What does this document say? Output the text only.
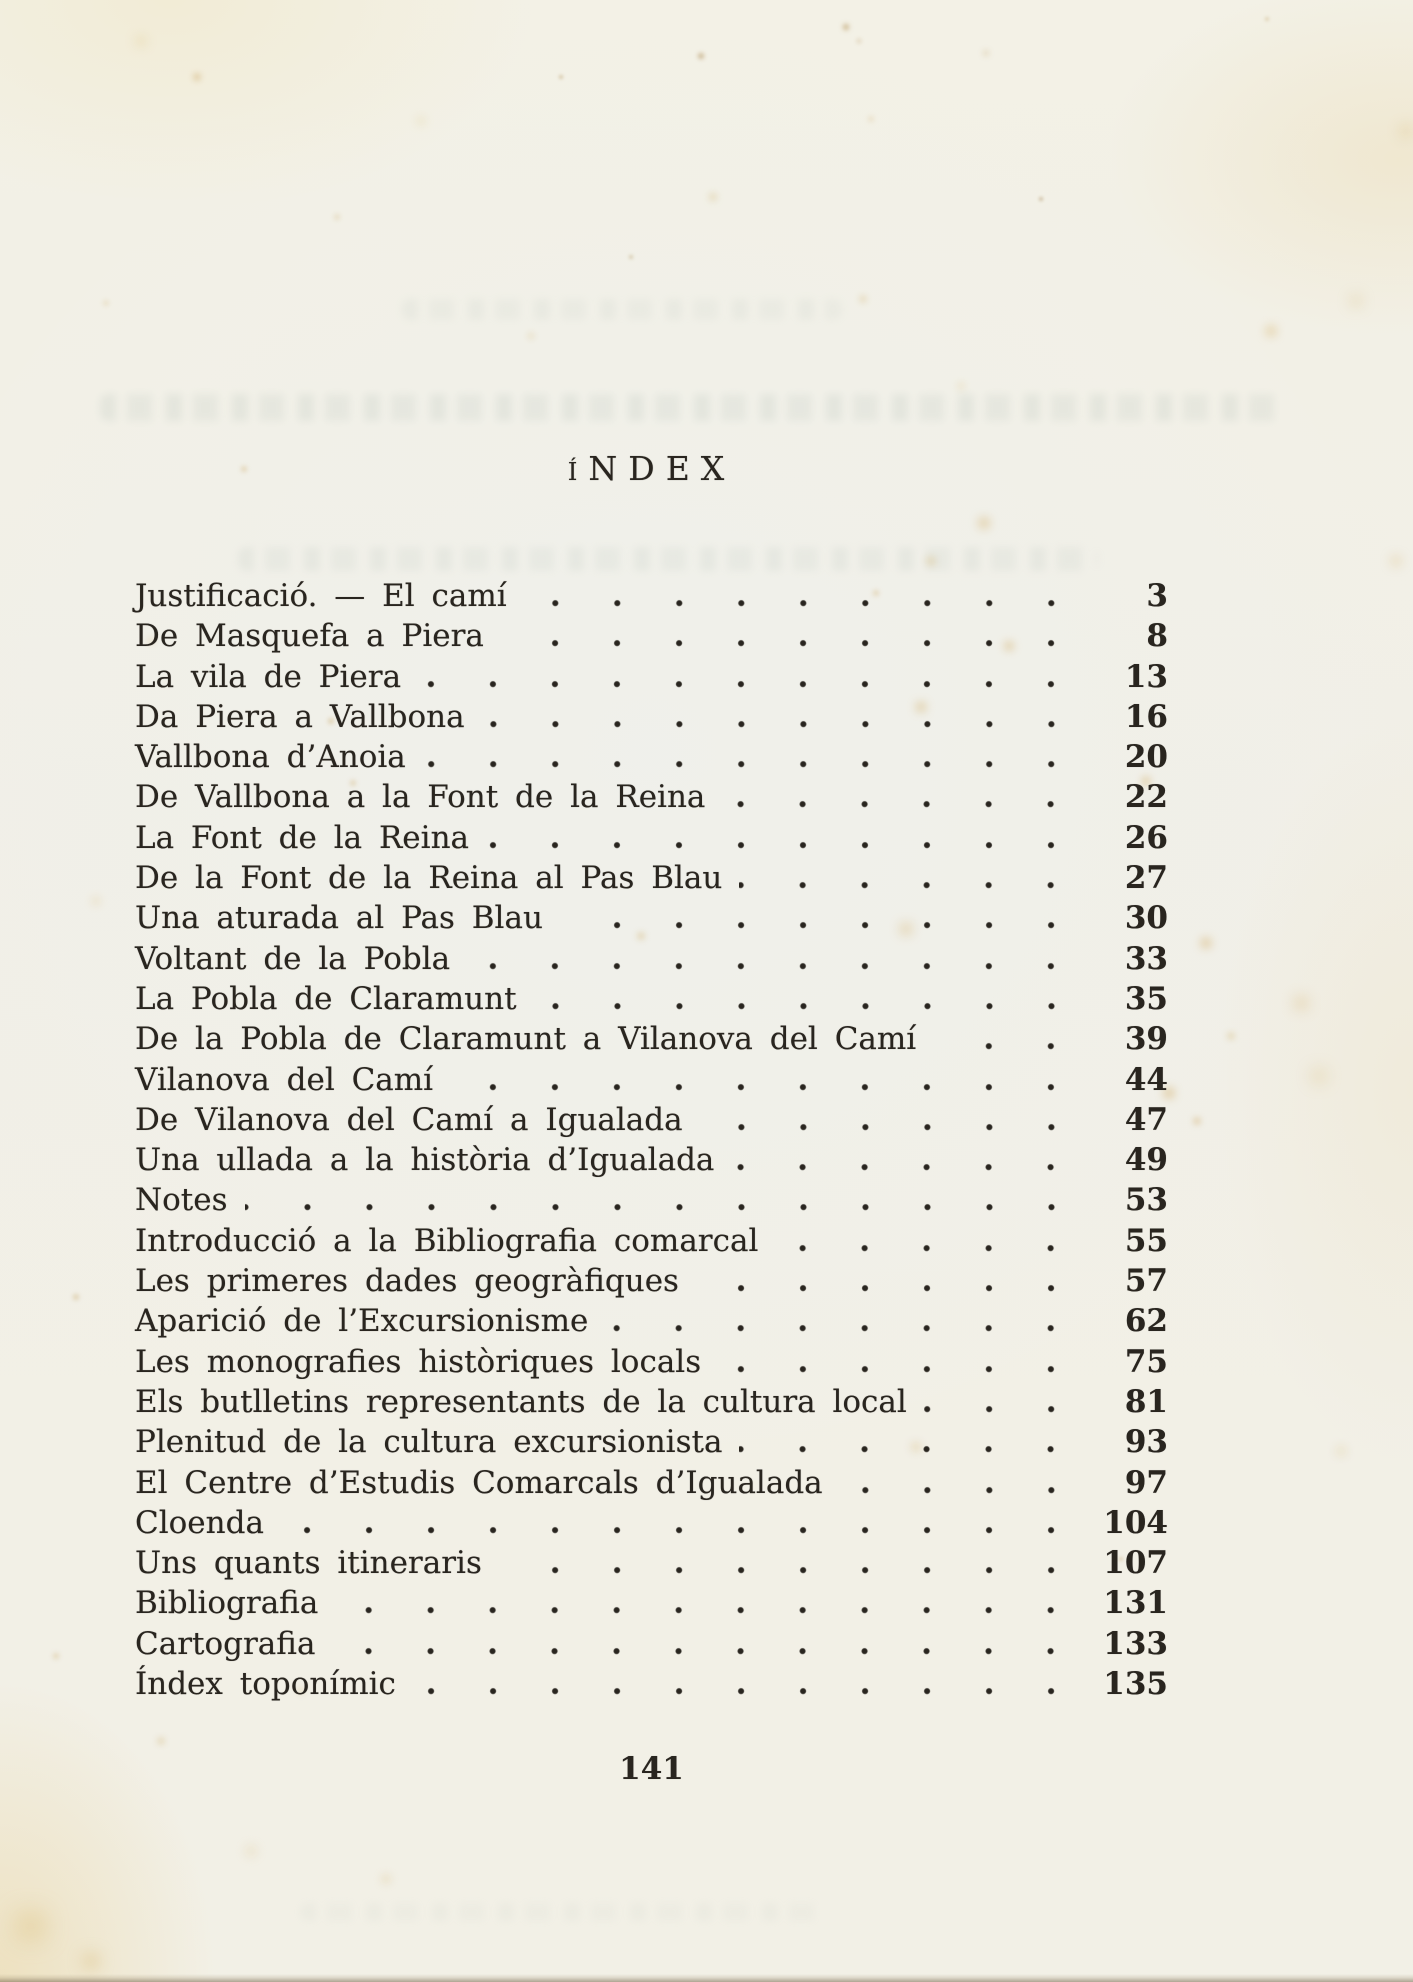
ÍNDEX
Justificació. — El camí	3
De Masquefa a Piera	8
La vila de Piera	13
Da Piera a Vallbona	16
Vallbona d’Anoia	20
De Vallbona a la Font de la Reina	22
La Font de la Reina	26
De la Font de la Reina al Pas Blau	27
Una aturada al Pas Blau	30
Voltant de la Pobla	33
La Pobla de Claramunt	35
De la Pobla de Claramunt a Vilanova del Camí	39
Vilanova del Camí	44
De Vilanova del Camí a Igualada	47
Una ullada a la història d’Igualada	49
Notes	53
Introducció a la Bibliografia comarcal	55
Les primeres dades geogràfiques	57
Aparició de l’Excursionisme	62
Les monografies històriques locals	75
Els butlletins representants de la cultura local	81
Plenitud de la cultura excursionista	93
El Centre d’Estudis Comarcals d’Igualada	97
Cloenda	104
Uns quants itineraris	107
Bibliografia	131
Cartografia	133
Índex toponímic	135
141
